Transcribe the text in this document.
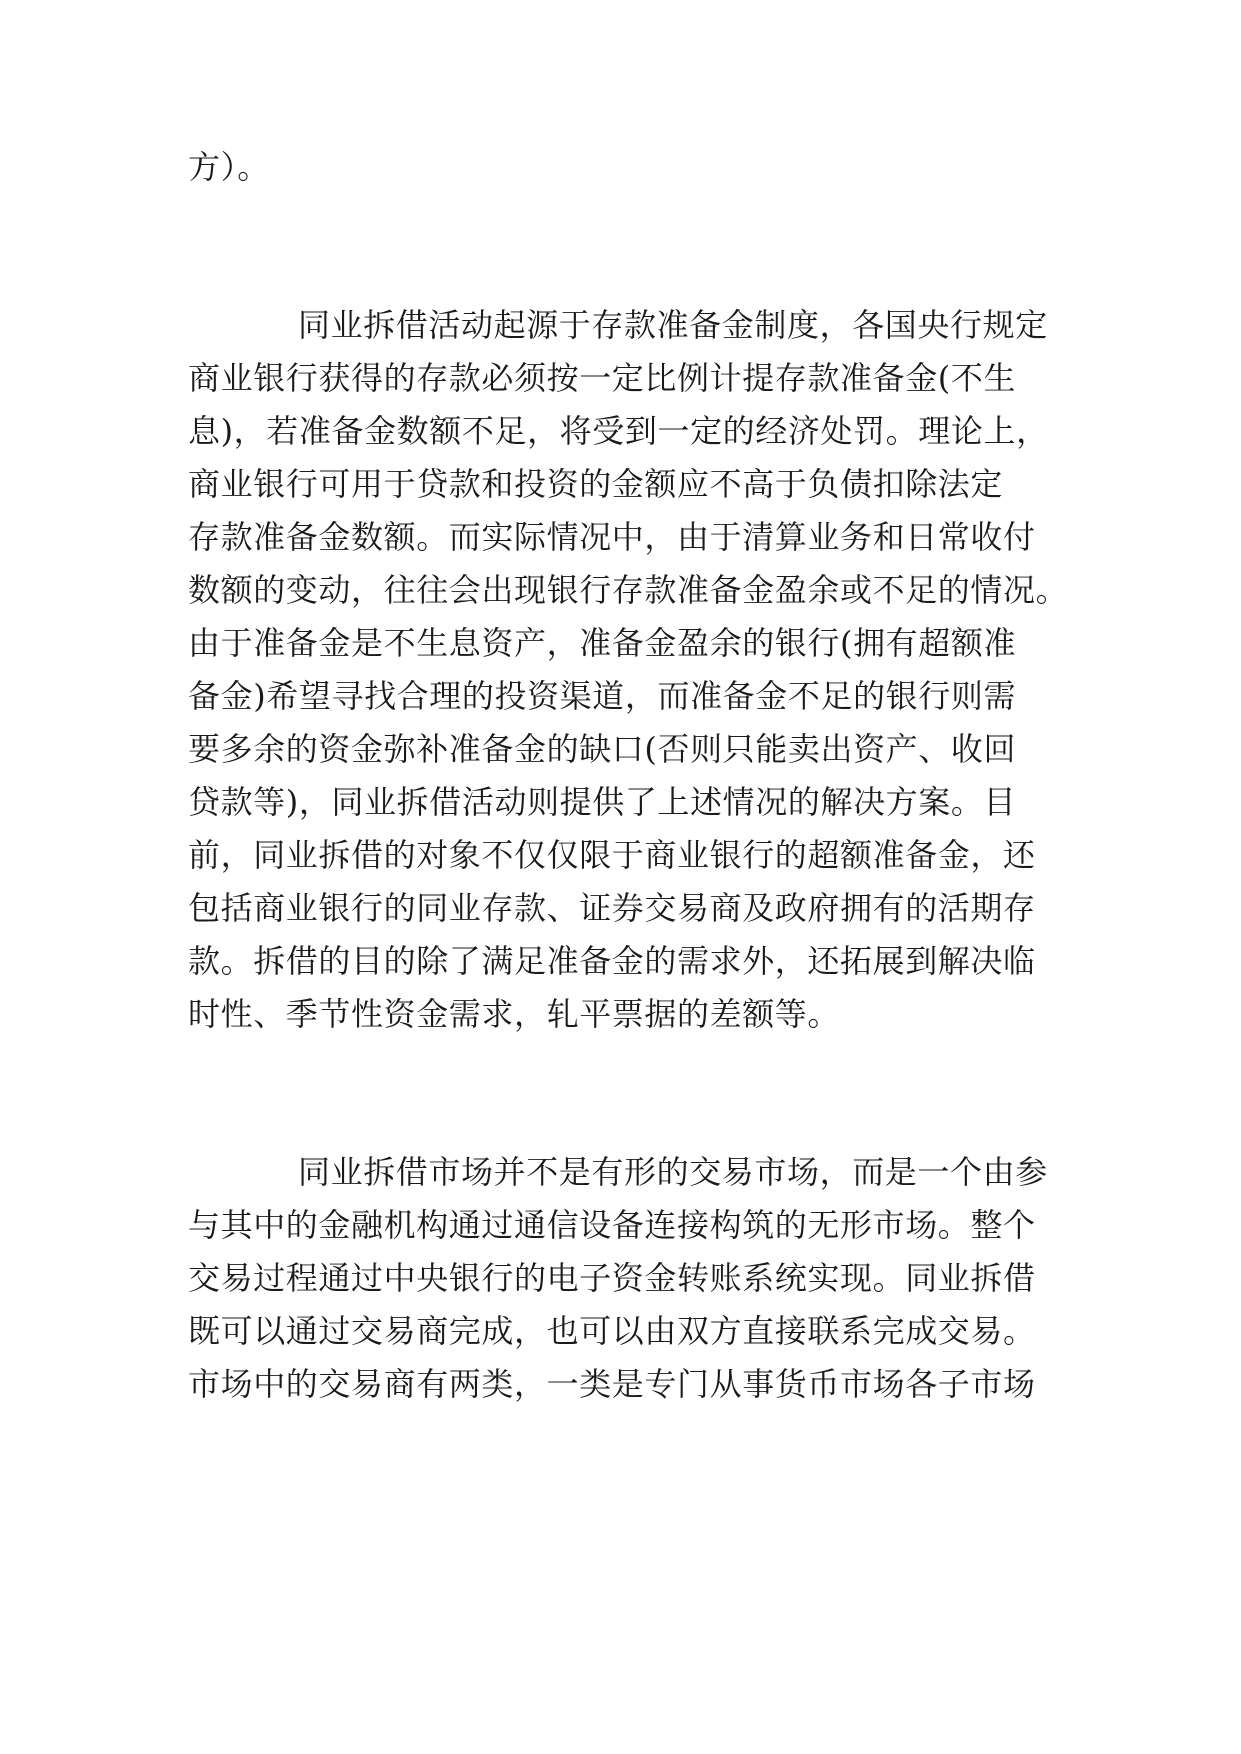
方）。
同业拆借活动起源于存款准备金制度，各国央行规定
商业银行获得的存款必须按一定比例计提存款准备金(不生
息)，若准备金数额不足，将受到一定的经济处罚。理论上，
商业银行可用于贷款和投资的金额应不高于负债扣除法定
存款准备金数额。而实际情况中，由于清算业务和日常收付
数额的变动，往往会出现银行存款准备金盈余或不足的情况。
由于准备金是不生息资产，准备金盈余的银行(拥有超额准
备金)希望寻找合理的投资渠道，而准备金不足的银行则需
要多余的资金弥补准备金的缺口(否则只能卖出资产、收回
贷款等)，同业拆借活动则提供了上述情况的解决方案。目
前，同业拆借的对象不仅仅限于商业银行的超额准备金，还
包括商业银行的同业存款、证券交易商及政府拥有的活期存
款。拆借的目的除了满足准备金的需求外，还拓展到解决临
时性、季节性资金需求，轧平票据的差额等。
同业拆借市场并不是有形的交易市场，而是一个由参
与其中的金融机构通过通信设备连接构筑的无形市场。整个
交易过程通过中央银行的电子资金转账系统实现。同业拆借
既可以通过交易商完成，也可以由双方直接联系完成交易。
市场中的交易商有两类，一类是专门从事货币市场各子市场
